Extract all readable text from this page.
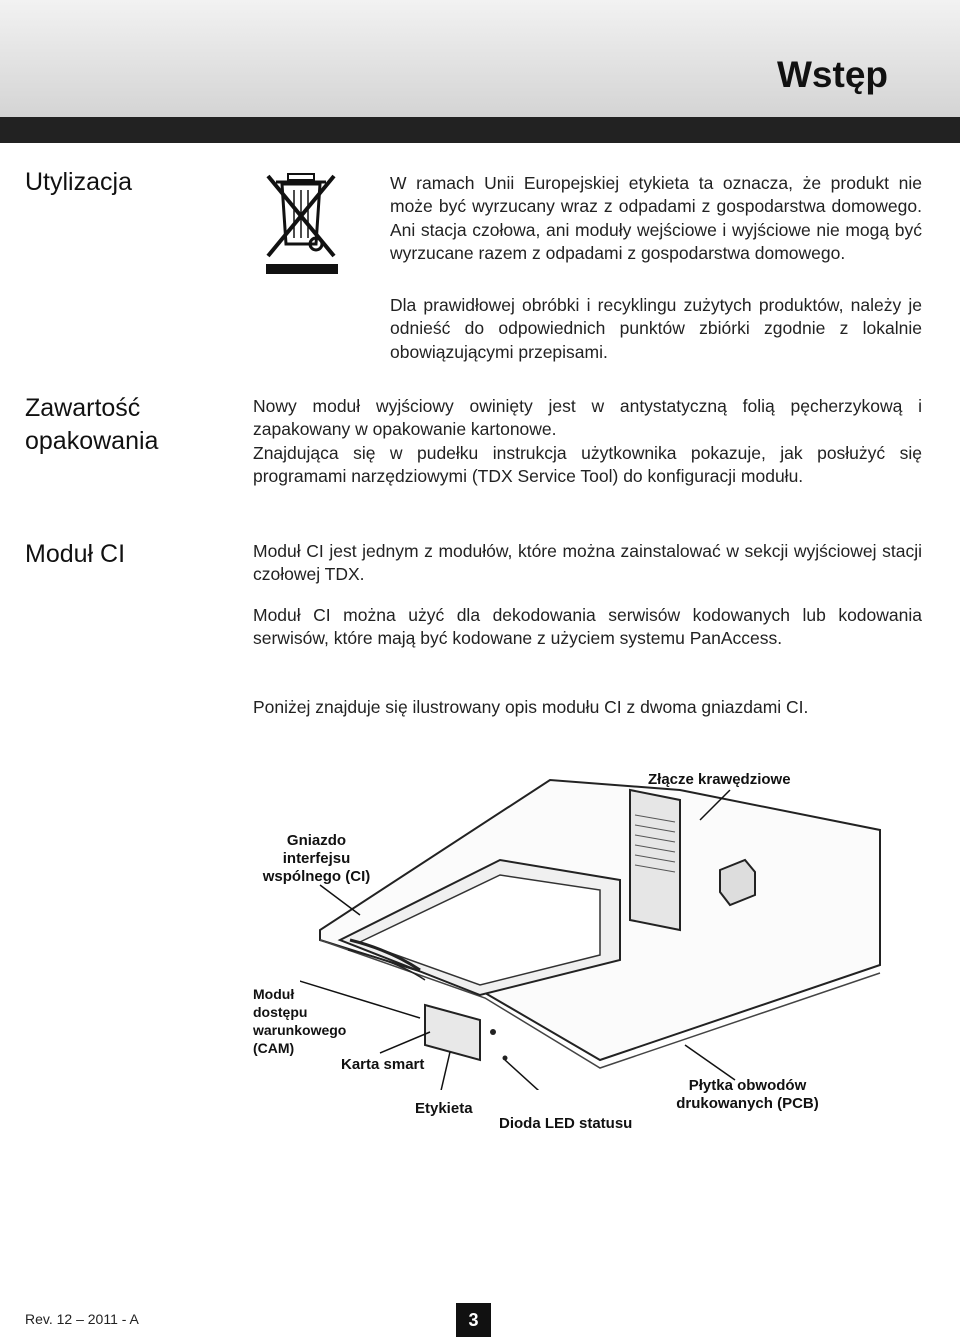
Wstęp
Utylizacja
Zawartość
opakowania
Moduł CI

W ramach Unii Europejskiej etykieta ta oznacza, że produkt nie może być wyrzucany wraz z odpadami z gospodarstwa domowego. Ani stacja czołowa, ani moduły wejściowe i wyjściowe nie mogą być wyrzucane razem z odpadami z gospodarstwa domowego.

Dla prawidłowej obróbki i recyklingu zużytych produktów, należy je odnieść do odpowiednich punktów zbiórki zgodnie z lokalnie obowiązującymi przepisami.

Nowy moduł wyjściowy owinięty jest w antystatyczną folią pęcherzykową i zapakowany w opakowanie kartonowe.

Znajdująca się w pudełku instrukcja użytkownika pokazuje, jak posłużyć się programami narzędziowymi (TDX Service Tool) do konfiguracji modułu.

Moduł CI jest jednym z modułów, które można zainstalować w sekcji wyjściowej stacji czołowej TDX.

Moduł CI można użyć dla dekodowania serwisów kodowanych lub kodowania serwisów, które mają być kodowane z użyciem systemu PanAccess.

Poniżej znajduje się ilustrowany opis modułu CI z dwoma gniazdami CI.

Złącze krawędziowe
Gniazdo
interfejsu
wspólnego (CI)
Moduł
dostępu
warunkowego
(CAM)
Karta smart
Etykieta
Dioda LED statusu
Płytka obwodów
drukowanych (PCB)
Rev. 12 – 2011 - A	3
